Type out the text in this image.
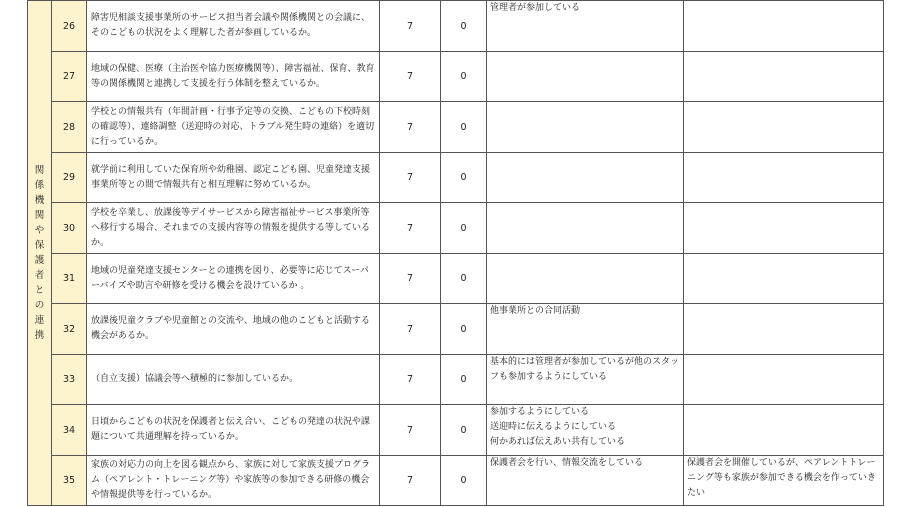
関係機関や保護者との連携	26	障害児相談支援事業所のサービス担当者会議や関係機関との会議に、そのこどもの状況をよく理解した者が参画しているか。	7	0	管理者が参加している	
	27	地域の保健、医療（主治医や協力医療機関等）、障害福祉、保育、教育等の関係機関と連携して支援を行う体制を整えているか。	7	0		
	28	学校との情報共有（年間計画・行事予定等の交換、こどもの下校時刻の確認等）、連絡調整（送迎時の対応、トラブル発生時の連絡）を適切に行っているか。	7	0		
	29	就学前に利用していた保育所や幼稚園、認定こども園、児童発達支援事業所等との間で情報共有と相互理解に努めているか。	7	0		
	30	学校を卒業し、放課後等デイサービスから障害福祉サービス事業所等へ移行する場合、それまでの支援内容等の情報を提供する等しているか。	7	0		
	31	地域の児童発達支援センターとの連携を図り、必要等に応じてスーパーバイズや助言や研修を受ける機会を設けているか 。	7	0		
	32	放課後児童クラブや児童館との交流や、地域の他のこどもと活動する機会があるか。	7	0	他事業所との合同活動	
	33	（自立支援）協議会等へ積極的に参加しているか。	7	0	基本的には管理者が参加しているが他のスタッフも参加するようにしている	
	34	日頃からこどもの状況を保護者と伝え合い、こどもの発達の状況や課題について共通理解を持っているか。	7	0	参加するようにしている
送迎時に伝えるようにしている
何かあれば伝えあい共有している	
	35	家族の対応力の向上を図る観点から、家族に対して家族支援プログラム（ペアレント・トレーニング等）や家族等の参加できる研修の機会や情報提供等を行っているか。	7	0	保護者会を行い、情報交流をしている	保護者会を開催しているが、ペアレントトレーニング等も家族が参加できる機会を作っていきたい
